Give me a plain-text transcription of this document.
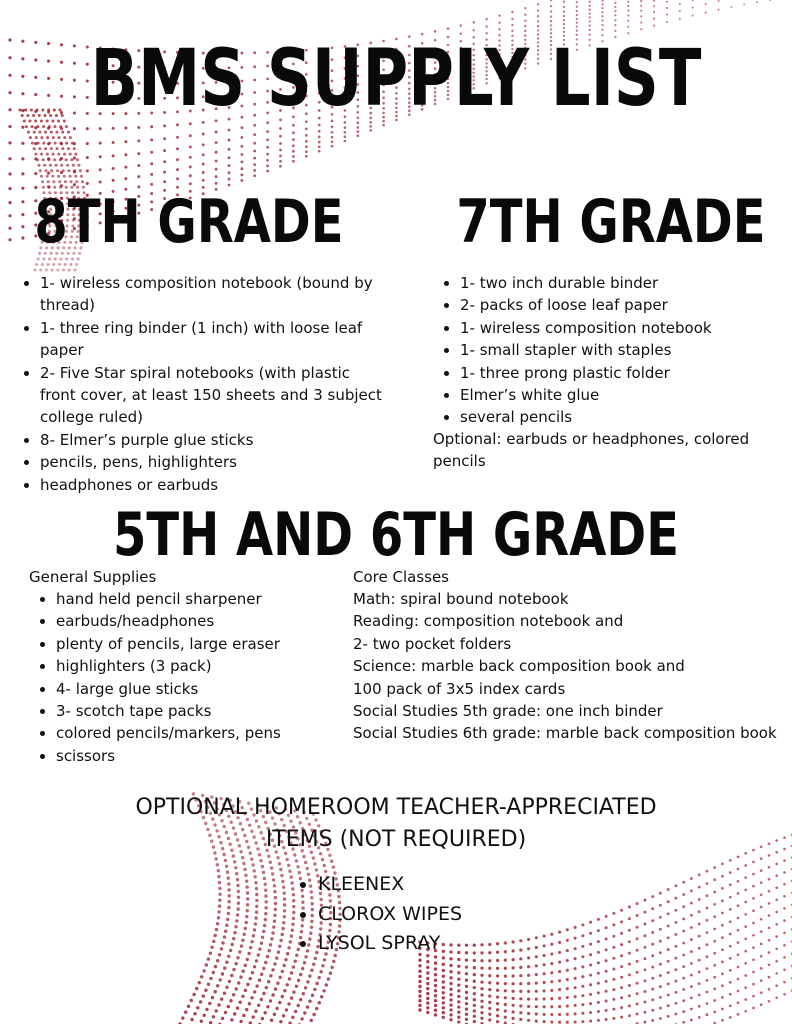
BMS SUPPLY LIST
8TH GRADE
• 1- wireless composition notebook (bound by thread)
• 1- three ring binder (1 inch) with loose leaf paper
• 2- Five Star spiral notebooks (with plastic front cover, at least 150 sheets and 3 subject college ruled)
• 8- Elmer’s purple glue sticks
• pencils, pens, highlighters
• headphones or earbuds
7TH GRADE
• 1- two inch durable binder
• 2- packs of loose leaf paper
• 1- wireless composition notebook
• 1- small stapler with staples
• 1- three prong plastic folder
• Elmer’s white glue
• several pencils
Optional: earbuds or headphones, colored pencils
5TH AND 6TH GRADE
General Supplies
• hand held pencil sharpener
• earbuds/headphones
• plenty of pencils, large eraser
• highlighters (3 pack)
• 4- large glue sticks
• 3- scotch tape packs
• colored pencils/markers, pens
• scissors
Core Classes
Math: spiral bound notebook
Reading: composition notebook and
2- two pocket folders
Science: marble back composition book and
100 pack of 3x5 index cards
Social Studies 5th grade: one inch binder
Social Studies 6th grade: marble back composition book
OPTIONAL HOMEROOM TEACHER-APPRECIATED
ITEMS (NOT REQUIRED)
• KLEENEX
• CLOROX WIPES
• LYSOL SPRAY
